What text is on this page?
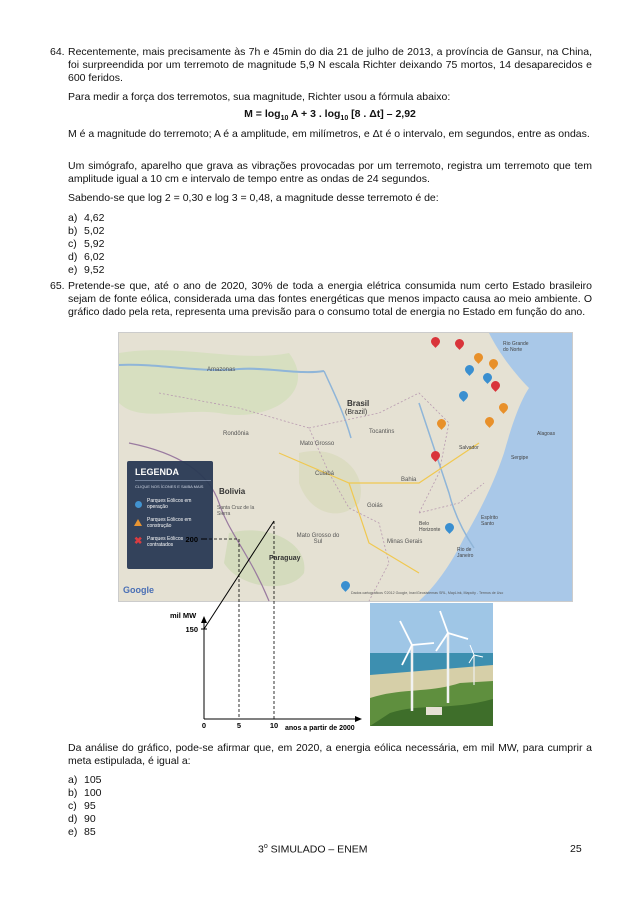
64. Recentemente, mais precisamente às 7h e 45min do dia 21 de julho de 2013, a província de Gansur, na China, foi surpreendida por um terremoto de magnitude 5,9 N escala Richter deixando 75 mortos, 14 desaparecidos e 600 feridos.
Para medir a força dos terremotos, sua magnitude, Richter usou a fórmula abaixo:
$M = \log_{10} A + 3$ . $\log_{10} [8$ . Δt] – 2,92
M é a magnitude do terremoto; A é a amplitude, em milímetros, e Δt é o intervalo, em segundos, entre as ondas.
Um simógrafo, aparelho que grava as vibrações provocadas por um terremoto, registra um terremoto que tem amplitude igual a 10 cm e intervalo de tempo entre as ondas de 24 segundos.
Sabendo-se que log 2 = 0,30 e log 3 = 0,48, a magnitude desse terremoto é de:
a) 4,62
b) 5,02
c) 5,92
d) 6,02
e) 9,52
65. Pretende-se que, até o ano de 2020, 30% de toda a energia elétrica consumida num certo Estado brasileiro sejam de fonte eólica, considerada uma das fontes energéticas que menos impacto causa ao meio ambiente. O gráfico dado pela reta, representa uma previsão para o consumo total de energia no Estado em função do ano.
Amazonas
Brasil
(Brazil)
Rondônia
Mato Grosso
Tocantins
Bahia
Cuiabá
Goiás
Bolivia
Santa Cruz de la Sierra
Mato Grosso do Sul	Minas Gerais
Paraguay
Salvador
Sergipe
Alagoas
Rio Grande do Norte
Espírito Santo
Rio de Janeiro
Belo Horizonte
LEGENDA
CLIQUE NOS ÍCONES E SAIBA MAIS
Parques Eólicos em operação
Parques Eólicos em construção
✖ Parques Eólicos contratados
Google	Dados cartográficos ©2012 Google, Inav/Geosistemas SRL, MapLink, Mapcity - Termos de Uso
mil MW
anos a partir de 2000
0	5	10
150
200
Da análise do gráfico, pode-se afirmar que, em 2020, a energia eólica necessária, em mil MW, para cumprir a meta estipulada, é igual a:
a) 105
b) 100
c) 95
d) 90
e) 85
3$^o$ SIMULADO – ENEM	25
